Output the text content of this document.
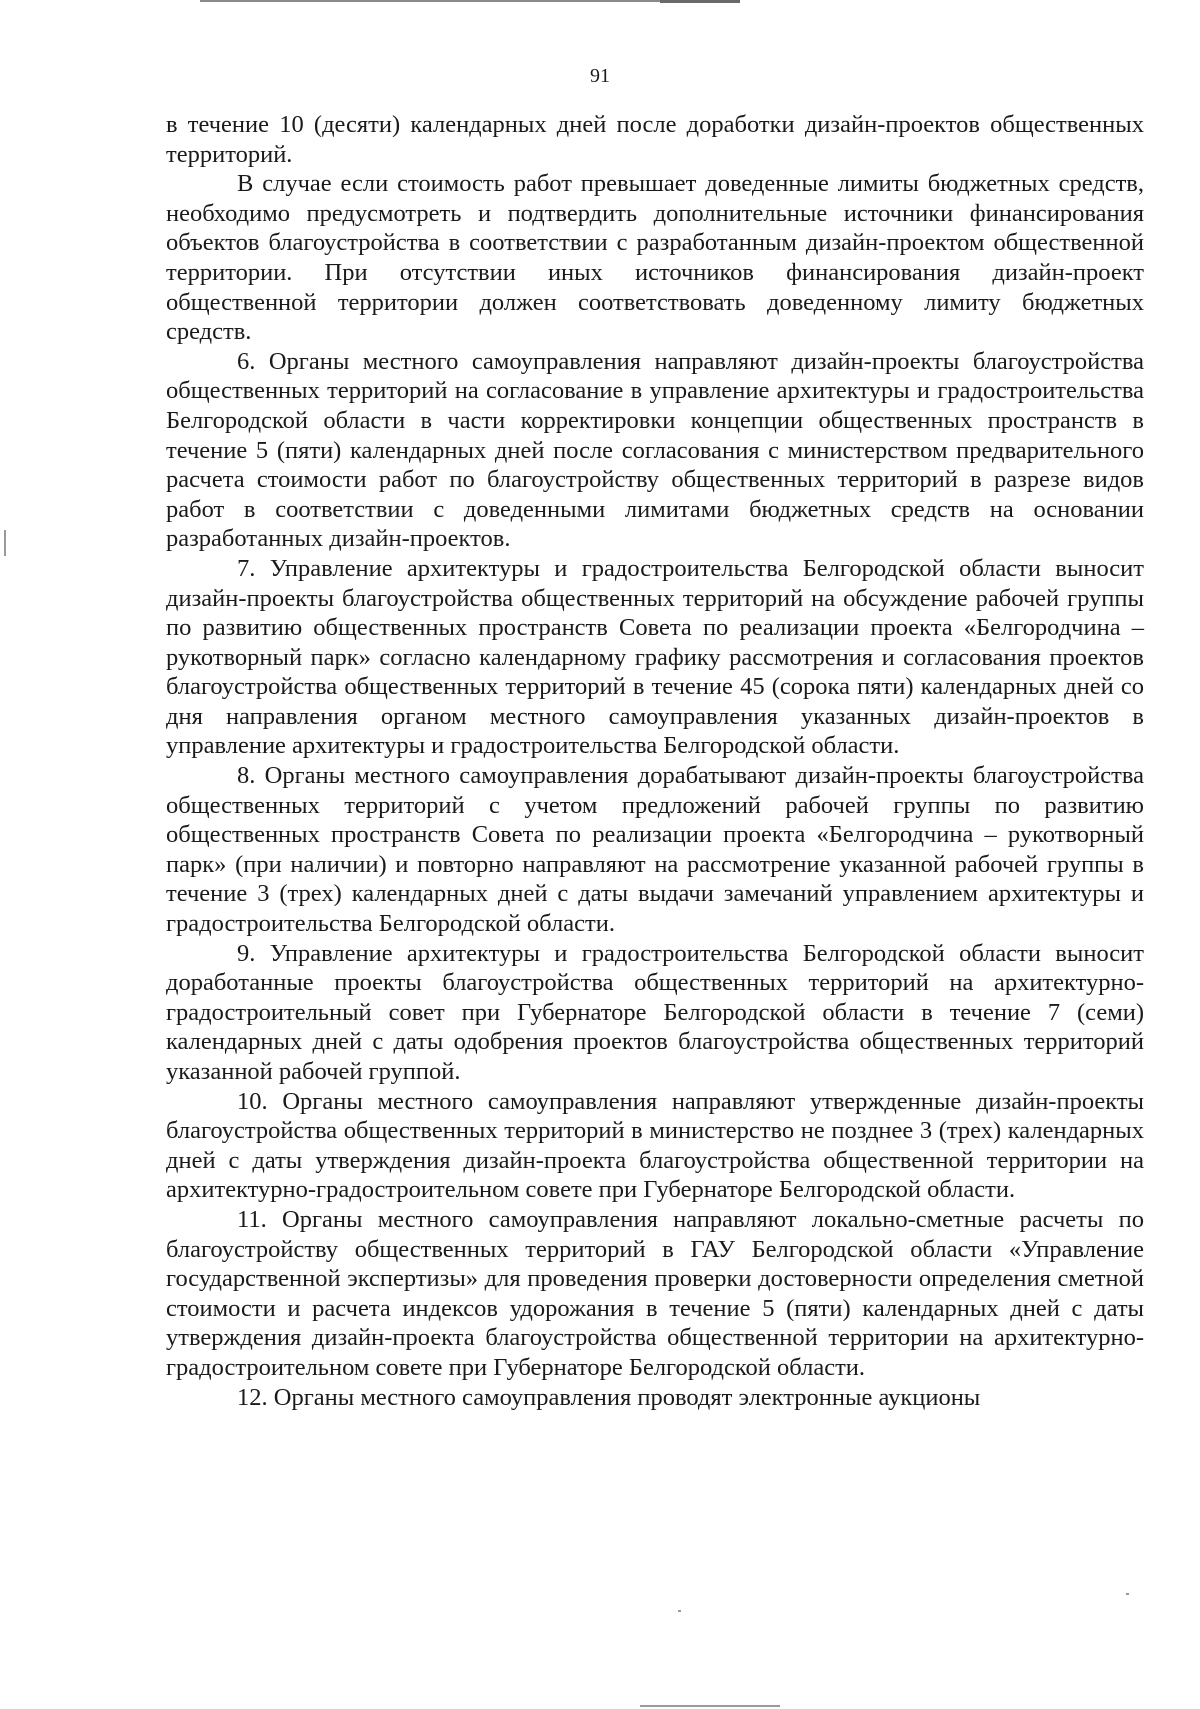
91

в течение 10 (десяти) календарных дней после доработки дизайн-проектов общественных территорий.

В случае если стоимость работ превышает доведенные лимиты бюджетных средств, необходимо предусмотреть и подтвердить дополнительные источники финансирования объектов благоустройства в соответствии с разработанным дизайн-проектом общественной территории. При отсутствии иных источников финансирования дизайн-проект общественной территории должен соответствовать доведенному лимиту бюджетных средств.

6. Органы местного самоуправления направляют дизайн-проекты благоустройства общественных территорий на согласование в управление архитектуры и градостроительства Белгородской области в части корректировки концепции общественных пространств в течение 5 (пяти) календарных дней после согласования с министерством предварительного расчета стоимости работ по благоустройству общественных территорий в разрезе видов работ в соответствии с доведенными лимитами бюджетных средств на основании разработанных дизайн-проектов.

7. Управление архитектуры и градостроительства Белгородской области выносит дизайн-проекты благоустройства общественных территорий на обсуждение рабочей группы по развитию общественных пространств Совета по реализации проекта «Белгородчина – рукотворный парк» согласно календарному графику рассмотрения и согласования проектов благоустройства общественных территорий в течение 45 (сорока пяти) календарных дней со дня направления органом местного самоуправления указанных дизайн-проектов в управление архитектуры и градостроительства Белгородской области.

8. Органы местного самоуправления дорабатывают дизайн-проекты благоустройства общественных территорий с учетом предложений рабочей группы по развитию общественных пространств Совета по реализации проекта «Белгородчина – рукотворный парк» (при наличии) и повторно направляют на рассмотрение указанной рабочей группы в течение 3 (трех) календарных дней с даты выдачи замечаний управлением архитектуры и градостроительства Белгородской области.

9. Управление архитектуры и градостроительства Белгородской области выносит доработанные проекты благоустройства общественных территорий на архитектурно-градостроительный совет при Губернаторе Белгородской области в течение 7 (семи) календарных дней с даты одобрения проектов благоустройства общественных территорий указанной рабочей группой.

10. Органы местного самоуправления направляют утвержденные дизайн-проекты благоустройства общественных территорий в министерство не позднее 3 (трех) календарных дней с даты утверждения дизайн-проекта благоустройства общественной территории на архитектурно-градостроительном совете при Губернаторе Белгородской области.

11. Органы местного самоуправления направляют локально-сметные расчеты по благоустройству общественных территорий в ГАУ Белгородской области «Управление государственной экспертизы» для проведения проверки достоверности определения сметной стоимости и расчета индексов удорожания в течение 5 (пяти) календарных дней с даты утверждения дизайн-проекта благоустройства общественной территории на архитектурно-градостроительном совете при Губернаторе Белгородской области.

12. Органы местного самоуправления проводят электронные аукционы
